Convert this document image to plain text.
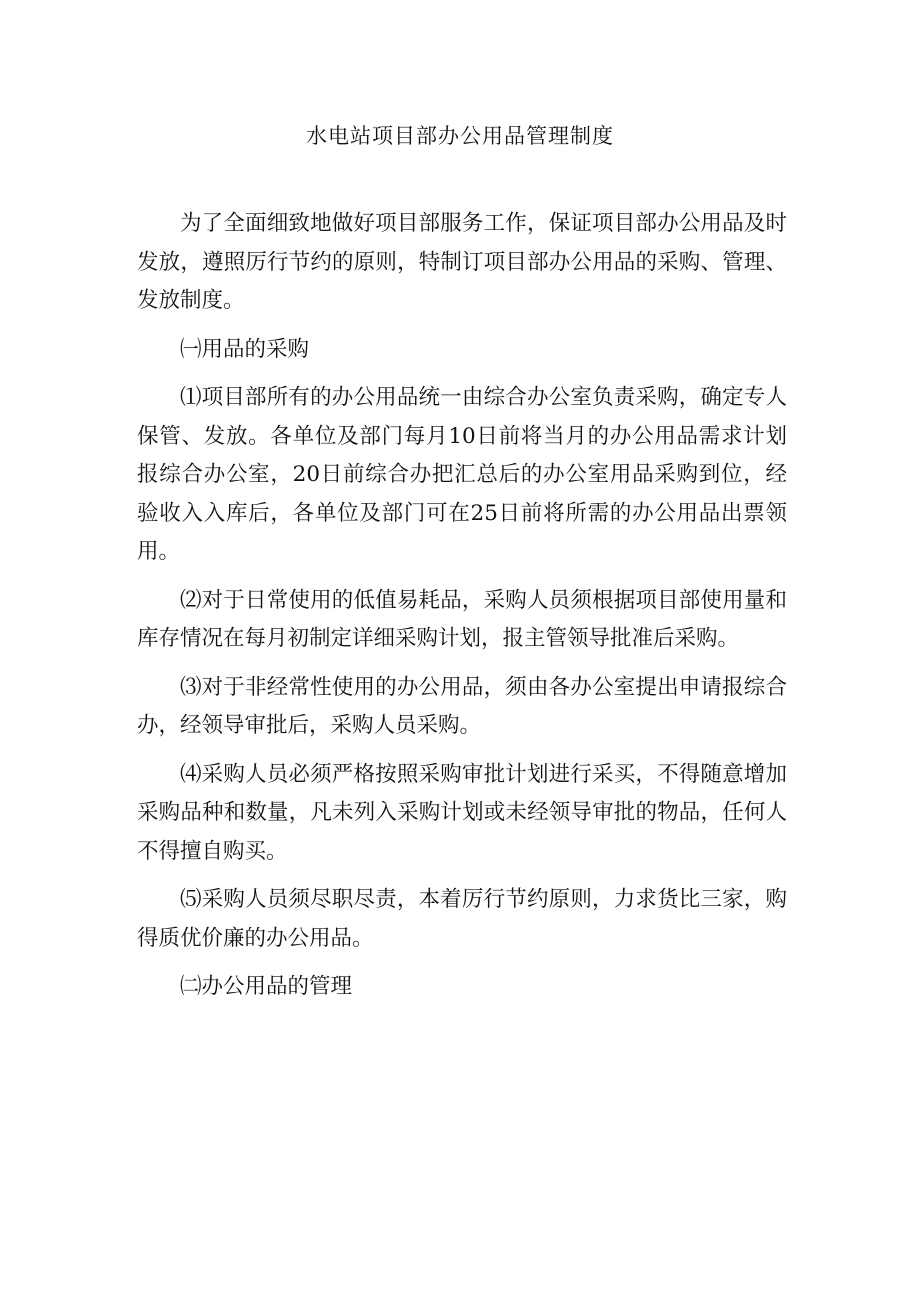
水电站项目部办公用品管理制度

为了全面细致地做好项目部服务工作，保证项目部办公用品及时发放，遵照厉行节约的原则，特制订项目部办公用品的采购、管理、发放制度。

㈠用品的采购

⑴项目部所有的办公用品统一由综合办公室负责采购，确定专人保管、发放。各单位及部门每月10日前将当月的办公用品需求计划报综合办公室，20日前综合办把汇总后的办公室用品采购到位，经验收入入库后，各单位及部门可在25日前将所需的办公用品出票领用。

⑵对于日常使用的低值易耗品，采购人员须根据项目部使用量和库存情况在每月初制定详细采购计划，报主管领导批准后采购。

⑶对于非经常性使用的办公用品，须由各办公室提出申请报综合办，经领导审批后，采购人员采购。

⑷采购人员必须严格按照采购审批计划进行采买，不得随意增加采购品种和数量，凡未列入采购计划或未经领导审批的物品，任何人不得擅自购买。

⑸采购人员须尽职尽责，本着厉行节约原则，力求货比三家，购得质优价廉的办公用品。

㈡办公用品的管理
